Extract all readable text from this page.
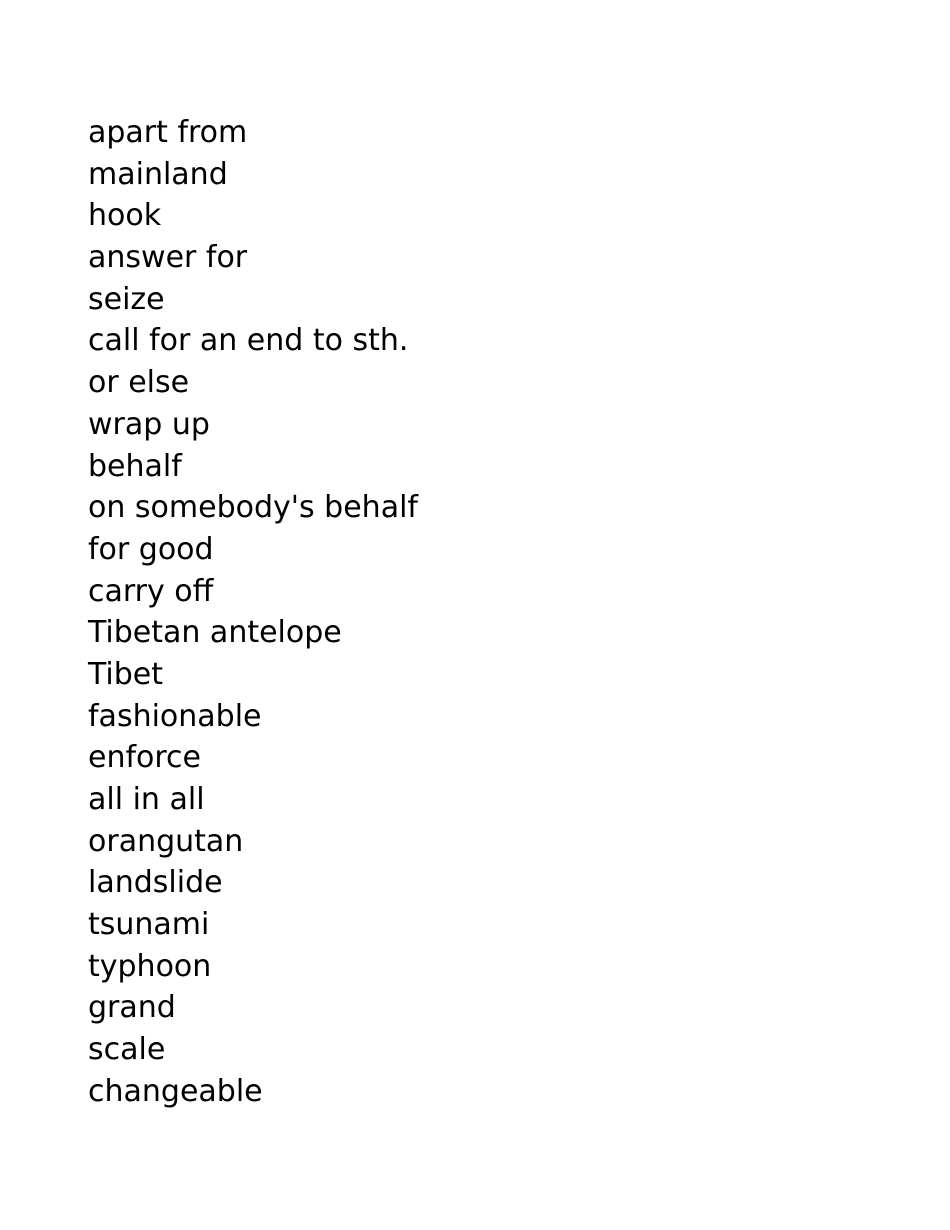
apart from
mainland
hook
answer for
seize
call for an end to sth.
or else
wrap up
behalf
on somebody's behalf
for good
carry off
Tibetan antelope
Tibet
fashionable
enforce
all in all
orangutan
landslide
tsunami
typhoon
grand
scale
changeable
